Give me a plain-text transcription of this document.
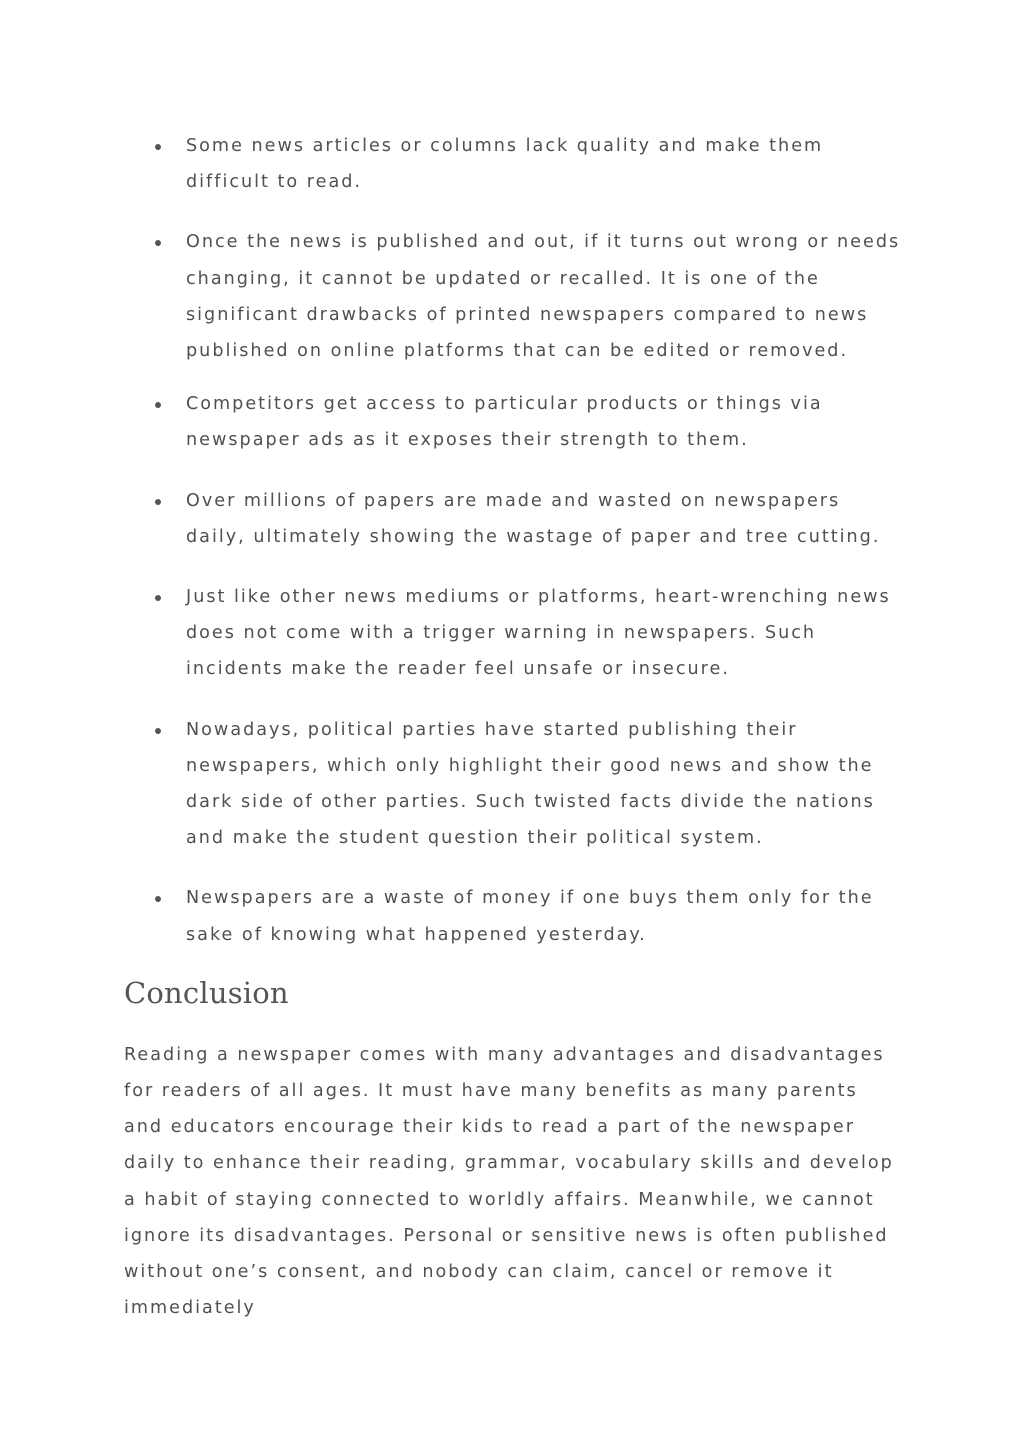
Some news articles or columns lack quality and make them difficult to read.
Once the news is published and out, if it turns out wrong or needs changing, it cannot be updated or recalled. It is one of the significant drawbacks of printed newspapers compared to news published on online platforms that can be edited or removed.
Competitors get access to particular products or things via newspaper ads as it exposes their strength to them.
Over millions of papers are made and wasted on newspapers daily, ultimately showing the wastage of paper and tree cutting.
Just like other news mediums or platforms, heart-wrenching news does not come with a trigger warning in newspapers. Such incidents make the reader feel unsafe or insecure.
Nowadays, political parties have started publishing their newspapers, which only highlight their good news and show the dark side of other parties. Such twisted facts divide the nations and make the student question their political system.
Newspapers are a waste of money if one buys them only for the sake of knowing what happened yesterday.
Conclusion

Reading a newspaper comes with many advantages and disadvantages for readers of all ages. It must have many benefits as many parents and educators encourage their kids to read a part of the newspaper daily to enhance their reading, grammar, vocabulary skills and develop a habit of staying connected to worldly affairs. Meanwhile, we cannot ignore its disadvantages. Personal or sensitive news is often published without one’s consent, and nobody can claim, cancel or remove it immediately
